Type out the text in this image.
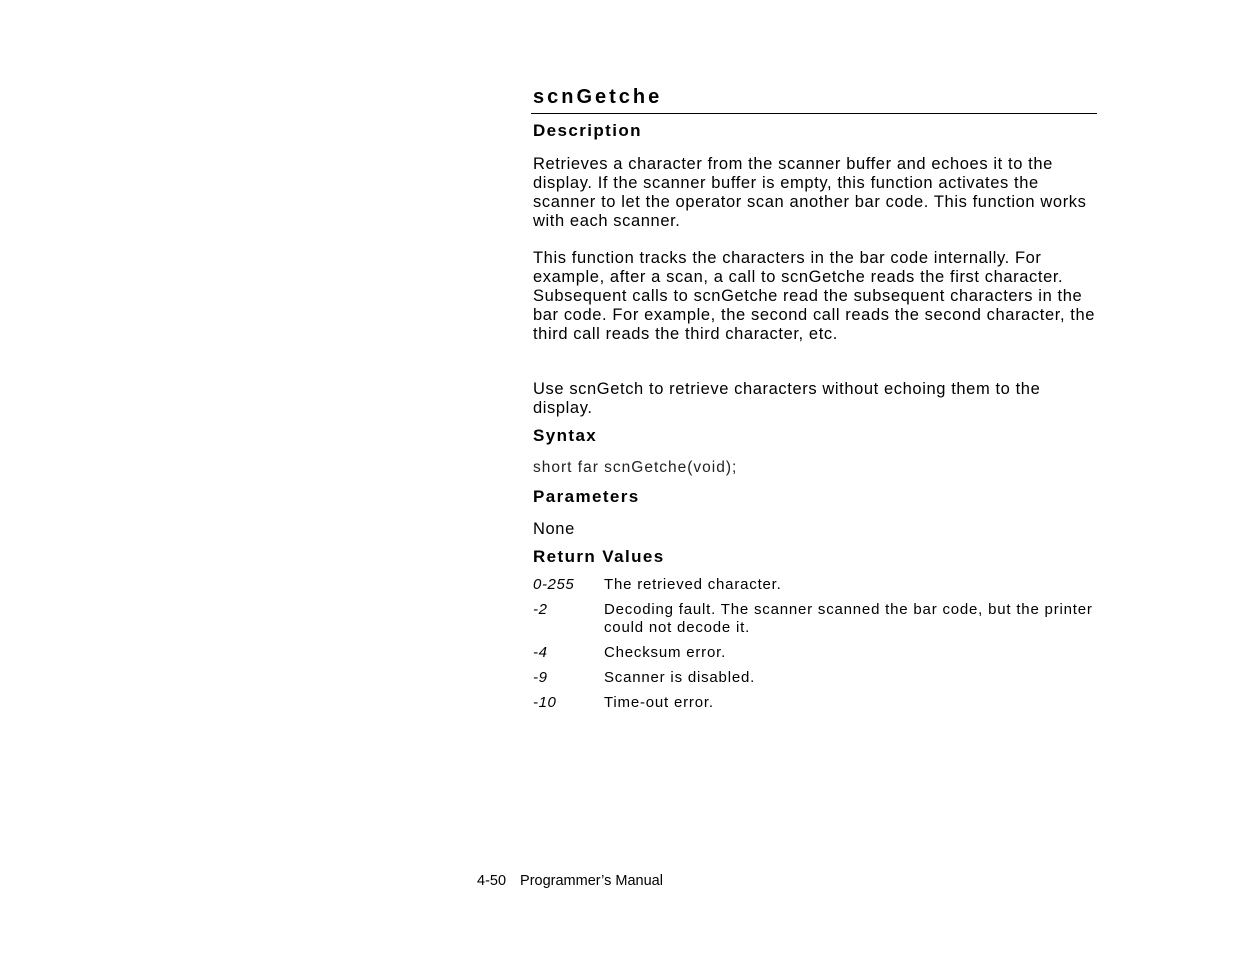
scnGetche
Description

Retrieves a character from the scanner buffer and echoes it to the display. If the scanner buffer is empty, this function activates the scanner to let the operator scan another bar code. This function works with each scanner.

This function tracks the characters in the bar code internally. For example, after a scan, a call to scnGetche reads the first character. Subsequent calls to scnGetche read the subsequent characters in the bar code. For example, the second call reads the second character, the third call reads the third character, etc.

Use scnGetch to retrieve characters without echoing them to the display.

Syntax
short far scnGetche(void);
Parameters
None
Return Values
0-255 The retrieved character.
-2	Decoding fault. The scanner scanned the bar code, but the printer could not decode it.
-4	Checksum error.
-9	Scanner is disabled.
-10	Time-out error.
4-50 Programmer’s Manual
